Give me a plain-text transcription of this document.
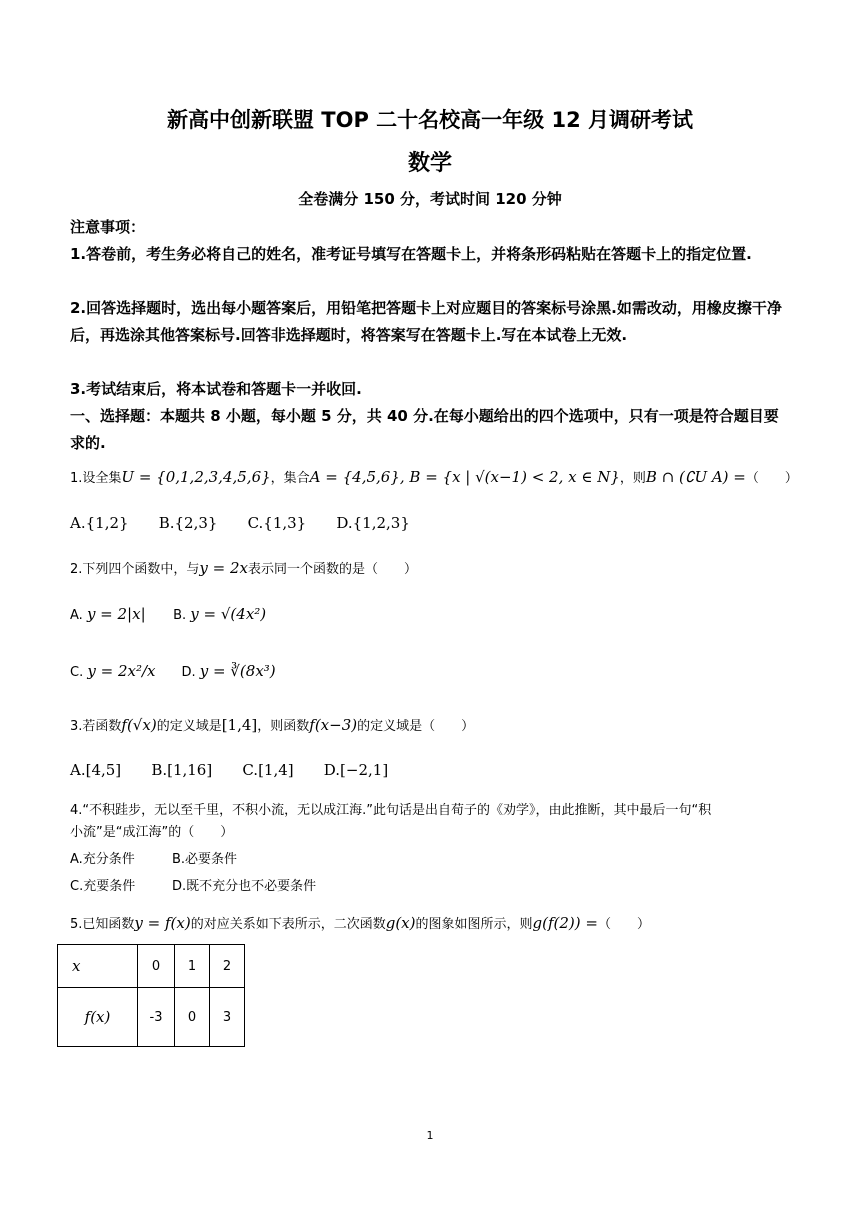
新高中创新联盟 TOP 二十名校高一年级 12 月调研考试
数学
全卷满分 150 分，考试时间 120 分钟
注意事项：
1.答卷前，考生务必将自己的姓名，准考证号填写在答题卡上，并将条形码粘贴在答题卡上的指定位置.
2.回答选择题时，选出每小题答案后，用铅笔把答题卡上对应题目的答案标号涂黑.如需改动，用橡皮擦干净后，再选涂其他答案标号.回答非选择题时，将答案写在答题卡上.写在本试卷上无效.
3.考试结束后，将本试卷和答题卡一并收回.
一、选择题：本题共 8 小题，每小题 5 分，共 40 分.在每小题给出的四个选项中，只有一项是符合题目要求的.
1.设全集U = {0,1,2,3,4,5,6}，集合A = {4,5,6}, B = {x | √(x−1) < 2, x ∈ N}，则B ∩ (∁U A) =（　　）
A.{1,2} B.{2,3} C.{1,3} D.{1,2,3}
2.下列四个函数中，与y = 2x表示同一个函数的是（　　）
A. y = 2|x| B. y = √(4x²)
C. y = 2x²/x D. y = ∛(8x³)
3.若函数f(√x)的定义域是[1,4]，则函数f(x−3)的定义域是（　　）
A.[4,5] B.[1,16] C.[1,4] D.[−2,1]
4.“不积跬步，无以至千里，不积小流，无以成江海.”此句话是出自荀子的《劝学》，由此推断，其中最后一句“积
小流”是“成江海”的（　　）
A.充分条件	B.必要条件
C.充要条件	D.既不充分也不必要条件
5.已知函数y = f(x)的对应关系如下表所示，二次函数g(x)的图象如图所示，则g(f(2)) =（　　）
x	0	1	2
f(x)	-3	0	3
1
